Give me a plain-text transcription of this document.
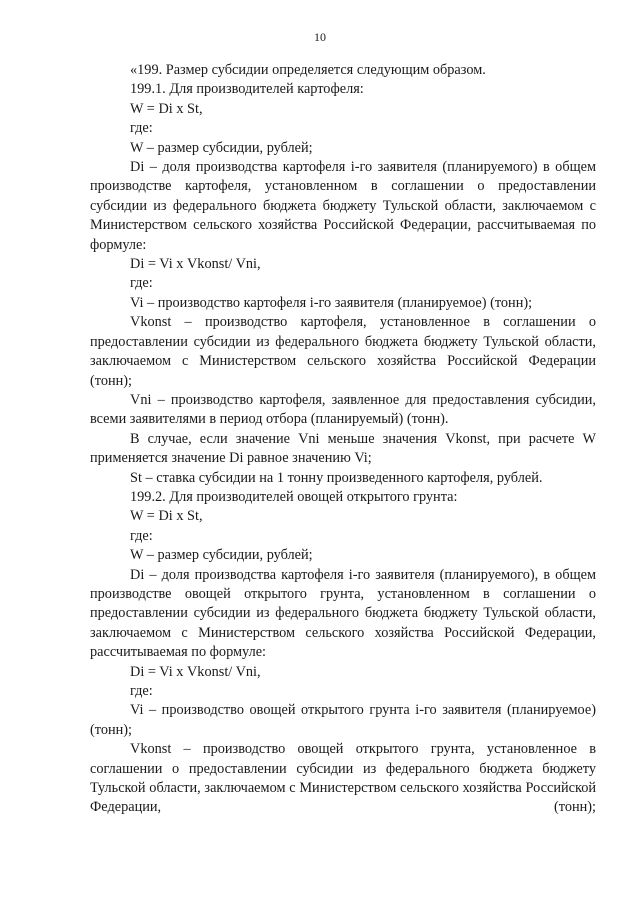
10

«199. Размер субсидии определяется следующим образом.

199.1. Для производителей картофеля:

W = Di х St,

где:

W – размер субсидии, рублей;

Di – доля производства картофеля i-го заявителя (планируемого) в общем производстве картофеля, установленном в соглашении о предоставлении субсидии из федерального бюджета бюджету Тульской области, заключаемом с Министерством сельского хозяйства Российской Федерации, рассчитываемая по формуле:

Di = Vi х Vkonst/ Vni,

где:

Vi – производство картофеля i-го заявителя (планируемое) (тонн);

Vkonst – производство картофеля, установленное в соглашении о предоставлении субсидии из федерального бюджета бюджету Тульской области, заключаемом с Министерством сельского хозяйства Российской Федерации (тонн);

Vni – производство картофеля, заявленное для предоставления субсидии, всеми заявителями в период отбора (планируемый) (тонн).

В случае, если значение Vni меньше значения Vkonst, при расчете W применяется значение Di равное значению Vi;

St – ставка субсидии на 1 тонну произведенного картофеля, рублей.

199.2. Для производителей овощей открытого грунта:

W = Di х St,

где:

W – размер субсидии, рублей;

Di – доля производства картофеля i-го заявителя (планируемого), в общем производстве овощей открытого грунта, установленном в соглашении о предоставлении субсидии из федерального бюджета бюджету Тульской области, заключаемом с Министерством сельского хозяйства Российской Федерации, рассчитываемая по формуле:

Di = Vi х Vkonst/ Vni,

где:

Vi – производство овощей открытого грунта i-го заявителя (планируемое) (тонн);

Vkonst – производство овощей открытого грунта, установленное в соглашении о предоставлении субсидии из федерального бюджета бюджету Тульской области, заключаемом с Министерством сельского хозяйства Российской Федерации, (тонн);
